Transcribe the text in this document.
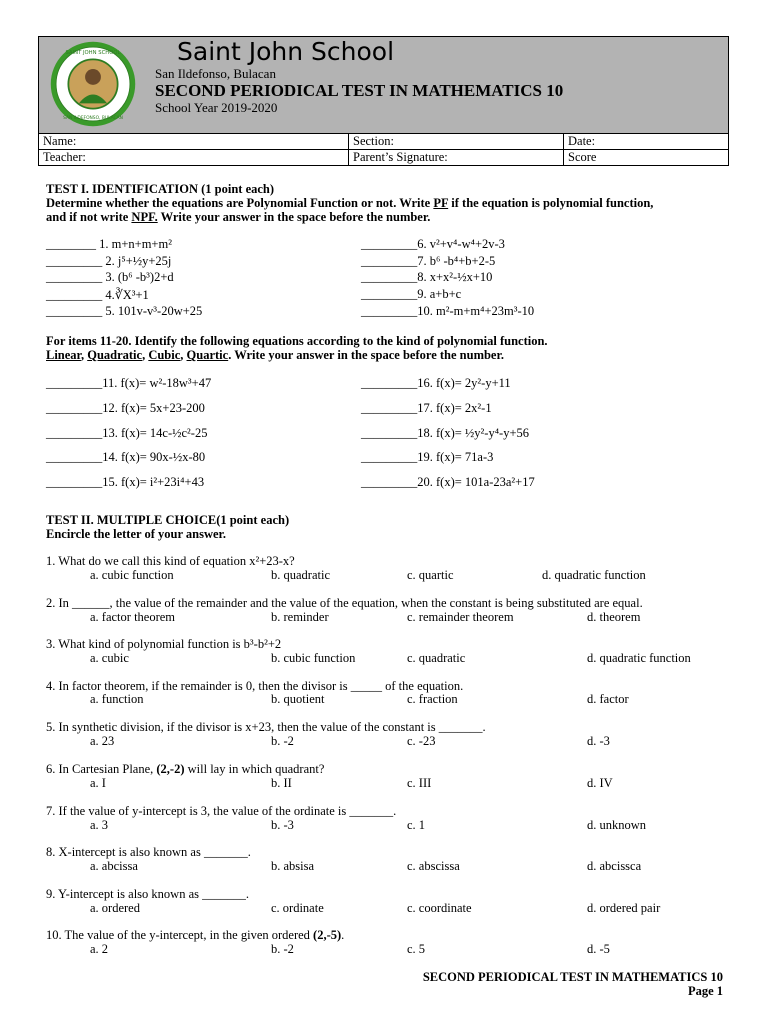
SAINT JOHN SCHOOL
SAN ILDEFONSO, BULACAN
Saint John School
San Ildefonso, Bulacan
SECOND PERIODICAL TEST IN MATHEMATICS 10
School Year 2019-2020
Name:	Section:	Date:
Teacher:	Parent’s Signature:	Score
TEST I. IDENTIFICATION (1 point each)
Determine whether the equations are Polynomial Function or not. Write PF if the equation is polynomial function,
and if not write NPF. Write your answer in the space before the number.
________ 1. m+n+m+m²
_________ 2. j⁵+½y+25j
_________ 3. (b⁶ -b³)2+d
_________ 4.∛X³+1
_________ 5. 101v-v³-20w+25
_________6. v²+v⁴-w⁴+2v-3
_________7. b⁶ -b⁴+b+2-5
_________8. x+x²-½x+10
_________9. a+b+c
_________10. m²-m+m⁴+23m³-10
For items 11-20. Identify the following equations according to the kind of polynomial function.
Linear, Quadratic, Cubic, Quartic. Write your answer in the space before the number.
_________11. f(x)= w²-18w³+47
_________12. f(x)= 5x+23-200
_________13. f(x)= 14c-½c²-25
_________14. f(x)= 90x-½x-80
_________15. f(x)= i²+23i⁴+43
_________16. f(x)= 2y²-y+11
_________17. f(x)= 2x²-1
_________18. f(x)= ½y²-y⁴-y+56
_________19. f(x)= 71a-3
_________20. f(x)= 101a-23a²+17
TEST II. MULTIPLE CHOICE(1 point each)
Encircle the letter of your answer.
1. What do we call this kind of equation x²+23-x?
a. cubic function	b. quadratic	c. quartic	d. quadratic function
2. In ______, the value of the remainder and the value of the equation, when the constant is being substituted are equal.
a. factor theorem	b. reminder	c. remainder theorem	d. theorem
3. What kind of polynomial function is b³-b²+2
a. cubic	b. cubic function	c. quadratic	d. quadratic function
4. In factor theorem, if the remainder is 0, then the divisor is _____ of the equation.
a. function	b. quotient	c. fraction	d. factor
5. In synthetic division, if the divisor is x+23, then the value of the constant is _______.
a. 23	b. -2	c. -23	d. -3
6. In Cartesian Plane, (2,-2) will lay in which quadrant?
a. I	b. II	c. III	d. IV
7. If the value of y-intercept is 3, the value of the ordinate is _______.
a. 3	b. -3	c. 1	d. unknown
8. X-intercept is also known as _______.
a. abcissa	b. absisa	c. abscissa	d. abcissca
9. Y-intercept is also known as _______.
a. ordered	c. ordinate	c. coordinate	d. ordered pair
10. The value of the y-intercept, in the given ordered (2,-5).
a. 2	b. -2	c. 5	d. -5
SECOND PERIODICAL TEST IN MATHEMATICS 10
Page 1
